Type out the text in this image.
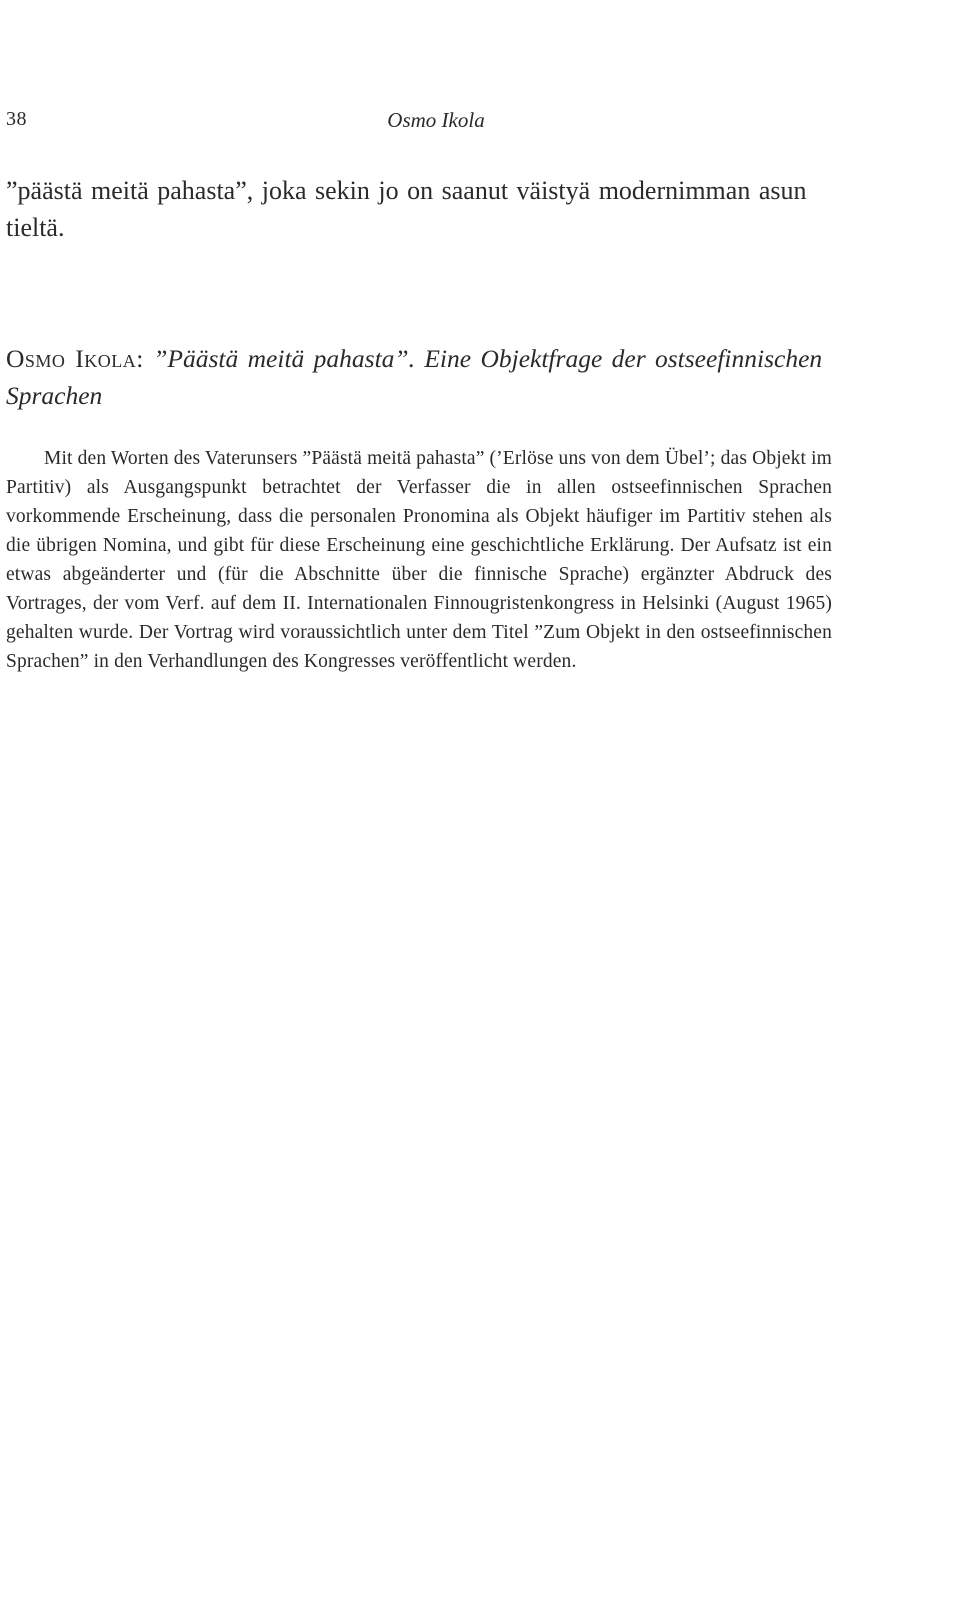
38	Osmo Ikola

”päästä meitä pahasta”, joka sekin jo on saanut väistyä modernimman asun tieltä.

Osmo Ikola: ”Päästä meitä pahasta”. Eine Objektfrage der ostseefinnischen Sprachen

Mit den Worten des Vaterunsers ”Päästä meitä pahasta” (’Erlöse uns von dem Übel’; das Objekt im Partitiv) als Ausgangspunkt betrachtet der Verfasser die in allen ostseefinnischen Sprachen vorkommende Erscheinung, dass die personalen Pronomina als Objekt häufiger im Partitiv stehen als die übrigen Nomina, und gibt für diese Erscheinung eine geschichtliche Erklärung. Der Aufsatz ist ein etwas abgeänderter und (für die Abschnitte über die finnische Sprache) ergänzter Abdruck des Vortrages, der vom Verf. auf dem II. Internationalen Finnougristenkongress in Helsinki (August 1965) gehalten wurde. Der Vortrag wird voraussichtlich unter dem Titel ”Zum Objekt in den ostseefinnischen Sprachen” in den Verhandlungen des Kongresses veröffentlicht werden.
